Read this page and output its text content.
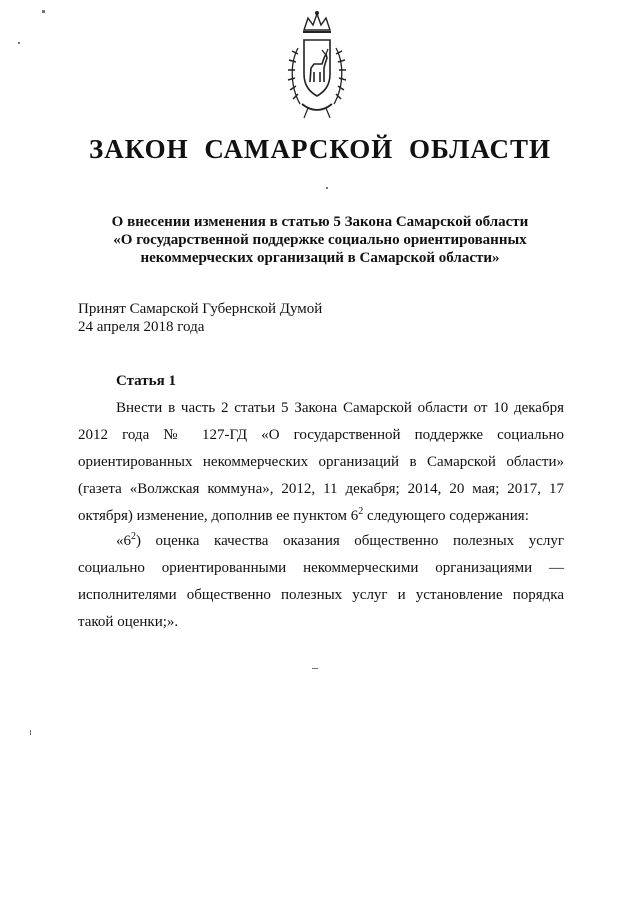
ЗАКОН САМАРСКОЙ ОБЛАСТИ
О внесении изменения в статью 5 Закона Самарской области
«О государственной поддержке социально ориентированных
некоммерческих организаций в Самарской области»
Принят Самарской Губернской Думой
24 апреля 2018 года
Статья 1
Внести в часть 2 статьи 5 Закона Самарской области от 10 декабря 2012 года № 127-ГД «О государственной поддержке социально ориентированных некоммерческих организаций в Самарской области» (газета «Волжская коммуна», 2012, 11 декабря; 2014, 20 мая; 2017, 17 октября) изменение, дополнив ее пунктом $6^2$ следующего содержания:
«$6^2$) оценка качества оказания общественно полезных услуг социально ориентированными некоммерческими организациями — исполнителями общественно полезных услуг и установление порядка такой оценки;».
